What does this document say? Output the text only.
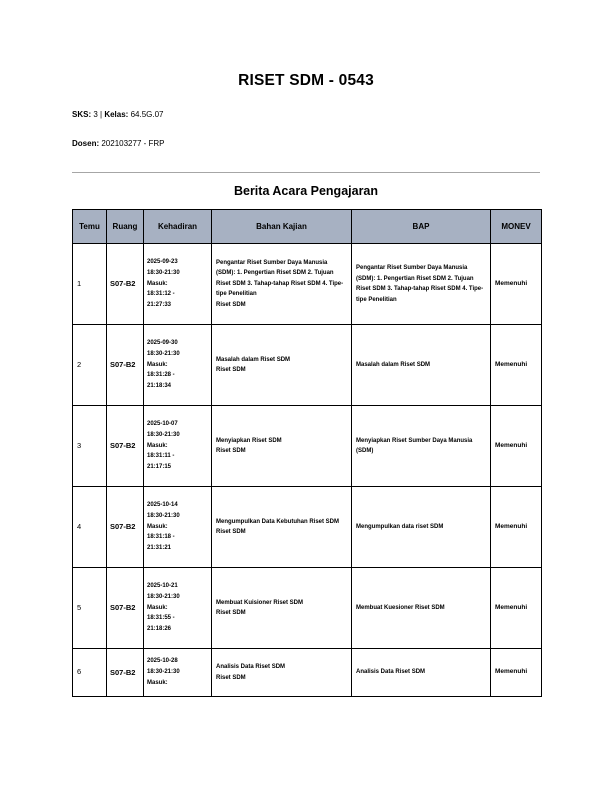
RISET SDM - 0543
SKS: 3 | Kelas: 64.5G.07
Dosen: 202103277 - FRP
Berita Acara Pengajaran
Temu	Ruang	Kehadiran	Bahan Kajian	BAP	MONEV
1	S07-B2	2025-09-23
18:30-21:30
Masuk:
18:31:12 -
21:27:33	Pengantar Riset Sumber Daya Manusia (SDM): 1. Pengertian Riset SDM 2. Tujuan Riset SDM 3. Tahap-tahap Riset SDM 4. Tipe-tipe Penelitian
Riset SDM	Pengantar Riset Sumber Daya Manusia (SDM): 1. Pengertian Riset SDM 2. Tujuan Riset SDM 3. Tahap-tahap Riset SDM 4. Tipe-tipe Penelitian	Memenuhi
2	S07-B2	2025-09-30
18:30-21:30
Masuk:
18:31:28 -
21:18:34	Masalah dalam Riset SDM
Riset SDM	Masalah dalam Riset SDM	Memenuhi
3	S07-B2	2025-10-07
18:30-21:30
Masuk:
18:31:11 -
21:17:15	Menyiapkan Riset SDM
Riset SDM	Menyiapkan Riset Sumber Daya Manusia (SDM)	Memenuhi
4	S07-B2	2025-10-14
18:30-21:30
Masuk:
18:31:18 -
21:31:21	Mengumpulkan Data Kebutuhan Riset SDM
Riset SDM	Mengumpulkan data riset SDM	Memenuhi
5	S07-B2	2025-10-21
18:30-21:30
Masuk:
18:31:55 -
21:18:26	Membuat Kuisioner Riset SDM
Riset SDM	Membuat Kuesioner Riset SDM	Memenuhi
6	S07-B2	2025-10-28
18:30-21:30
Masuk:	Analisis Data Riset SDM
Riset SDM	Analisis Data Riset SDM	Memenuhi
